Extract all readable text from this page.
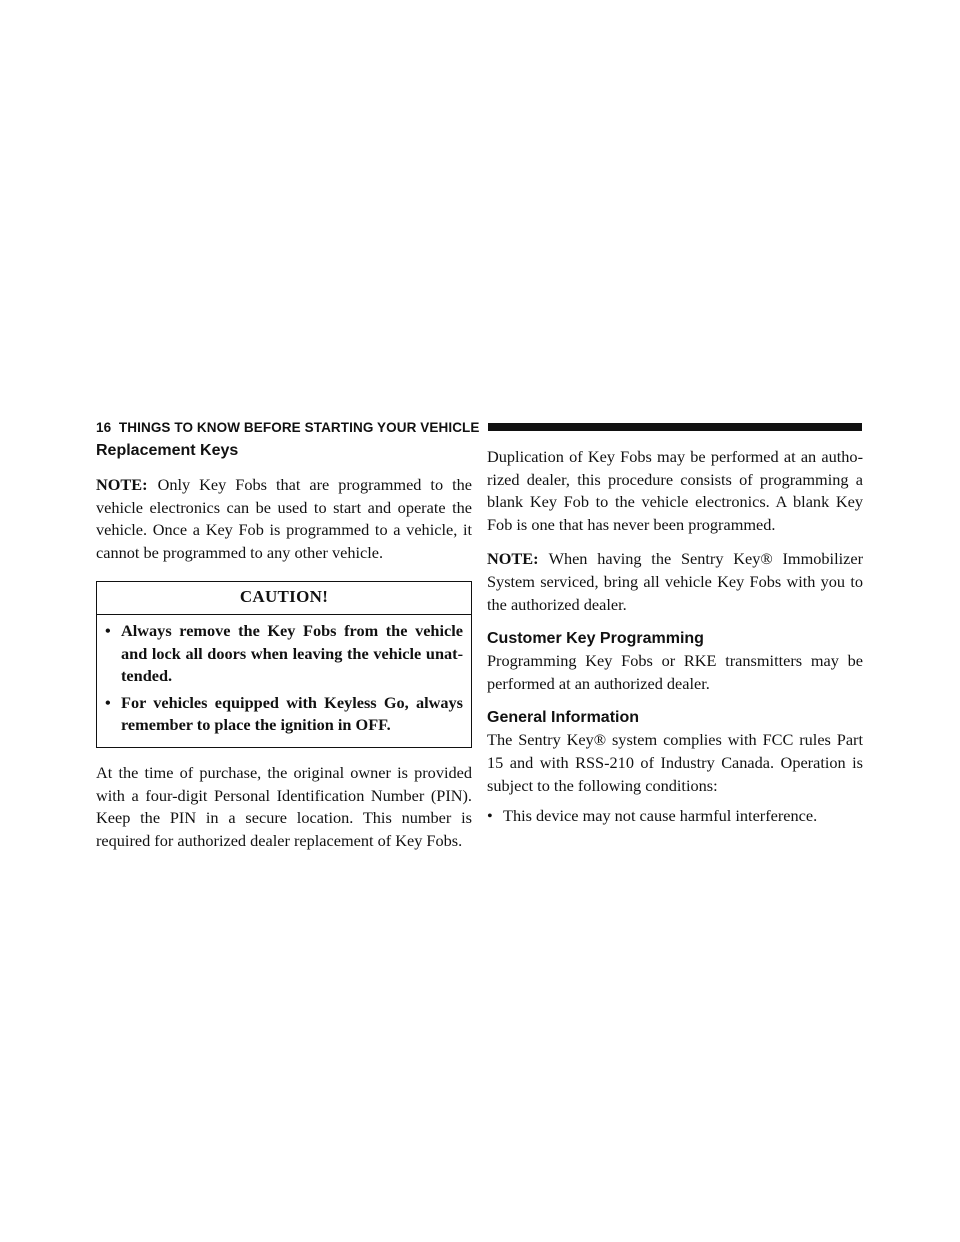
16 THINGS TO KNOW BEFORE STARTING YOUR VEHICLE
Replacement Keys

NOTE: Only Key Fobs that are programmed to the vehicle electronics can be used to start and operate the vehicle. Once a Key Fob is programmed to a vehicle, it cannot be programmed to any other vehicle.

CAUTION!
• Always remove the Key Fobs from the vehicle and lock all doors when leaving the vehicle unat- tended.
• For vehicles equipped with Keyless Go, always remember to place the ignition in OFF.

At the time of purchase, the original owner is provided with a four-digit Personal Identification Number (PIN). Keep the PIN in a secure location. This number is required for authorized dealer replacement of Key Fobs.

Duplication of Key Fobs may be performed at an autho- rized dealer, this procedure consists of programming a blank Key Fob to the vehicle electronics. A blank Key Fob is one that has never been programmed.

NOTE: When having the Sentry Key® Immobilizer System serviced, bring all vehicle Key Fobs with you to the authorized dealer.

Customer Key Programming

Programming Key Fobs or RKE transmitters may be performed at an authorized dealer.

General Information

The Sentry Key® system complies with FCC rules Part 15 and with RSS-210 of Industry Canada. Operation is subject to the following conditions:

• This device may not cause harmful interference.
